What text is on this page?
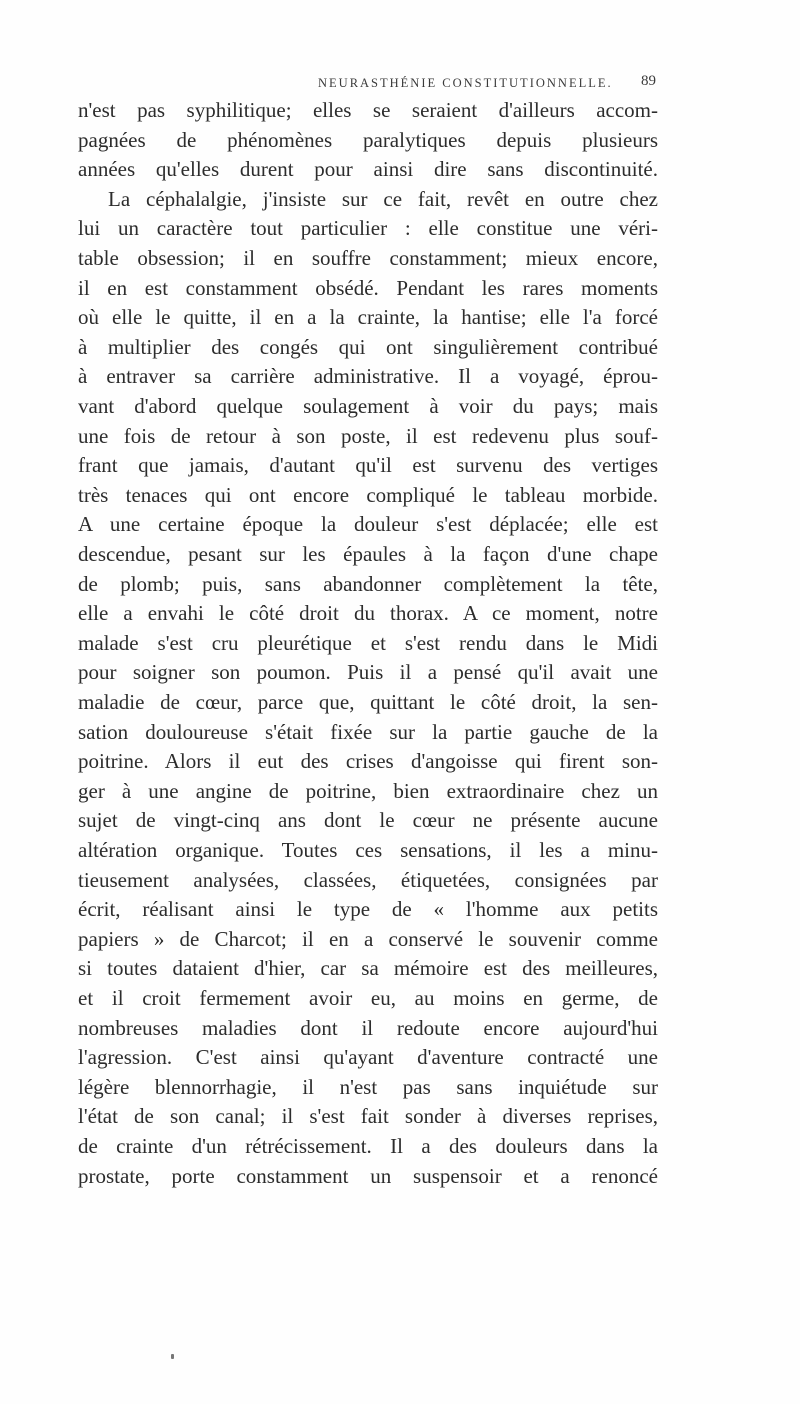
NEURASTHÉNIE CONSTITUTIONNELLE. 89
n'est pas syphilitique; elles se seraient d'ailleurs accom-
pagnées de phénomènes paralytiques depuis plusieurs
années qu'elles durent pour ainsi dire sans discontinuité.
La céphalalgie, j'insiste sur ce fait, revêt en outre chez
lui un caractère tout particulier : elle constitue une véri-
table obsession; il en souffre constamment; mieux encore,
il en est constamment obsédé. Pendant les rares moments
où elle le quitte, il en a la crainte, la hantise; elle l'a forcé
à multiplier des congés qui ont singulièrement contribué
à entraver sa carrière administrative. Il a voyagé, éprou-
vant d'abord quelque soulagement à voir du pays; mais
une fois de retour à son poste, il est redevenu plus souf-
frant que jamais, d'autant qu'il est survenu des vertiges
très tenaces qui ont encore compliqué le tableau morbide.
A une certaine époque la douleur s'est déplacée; elle est
descendue, pesant sur les épaules à la façon d'une chape
de plomb; puis, sans abandonner complètement la tête,
elle a envahi le côté droit du thorax. A ce moment, notre
malade s'est cru pleurétique et s'est rendu dans le Midi
pour soigner son poumon. Puis il a pensé qu'il avait une
maladie de cœur, parce que, quittant le côté droit, la sen-
sation douloureuse s'était fixée sur la partie gauche de la
poitrine. Alors il eut des crises d'angoisse qui firent son-
ger à une angine de poitrine, bien extraordinaire chez un
sujet de vingt-cinq ans dont le cœur ne présente aucune
altération organique. Toutes ces sensations, il les a minu-
tieusement analysées, classées, étiquetées, consignées par
écrit, réalisant ainsi le type de « l'homme aux petits
papiers » de Charcot; il en a conservé le souvenir comme
si toutes dataient d'hier, car sa mémoire est des meilleures,
et il croit fermement avoir eu, au moins en germe, de
nombreuses maladies dont il redoute encore aujourd'hui
l'agression. C'est ainsi qu'ayant d'aventure contracté une
légère blennorrhagie, il n'est pas sans inquiétude sur
l'état de son canal; il s'est fait sonder à diverses reprises,
de crainte d'un rétrécissement. Il a des douleurs dans la
prostate, porte constamment un suspensoir et a renoncé
